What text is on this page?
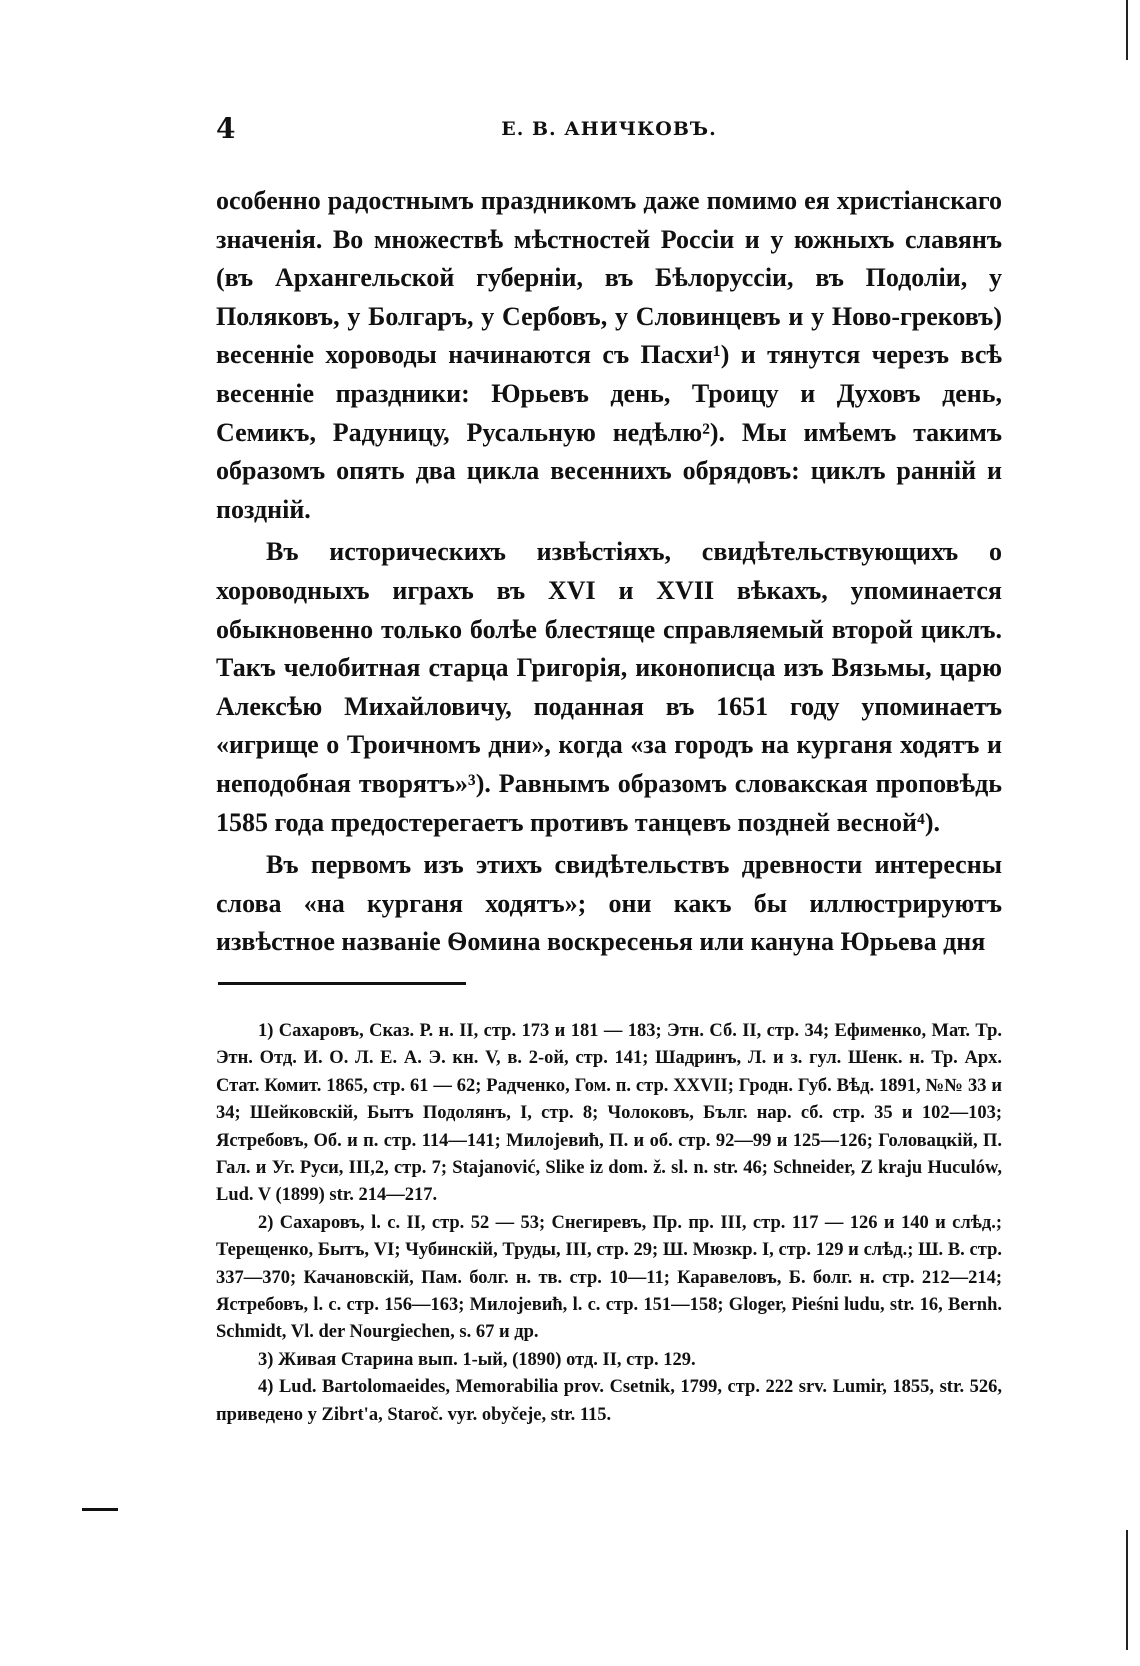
4	Е. В. АНИЧКОВЪ.

особенно радостнымъ праздникомъ даже помимо ея христіанскаго значенія. Во множествѣ мѣстностей Россіи и у южныхъ славянъ (въ Архангельской губерніи, въ Бѣлоруссіи, въ Подоліи, у Поляковъ, у Болгаръ, у Сербовъ, у Словинцевъ и у Ново-грековъ) весенніе хороводы начинаются съ Пасхи¹) и тянутся черезъ всѣ весенніе праздники: Юрьевъ день, Троицу и Духовъ день, Семикъ, Радуницу, Русальную недѣлю²). Мы имѣемъ такимъ образомъ опять два цикла весеннихъ обрядовъ: циклъ ранній и поздній.

Въ историческихъ извѣстіяхъ, свидѣтельствующихъ о хороводныхъ играхъ въ XVI и XVII вѣкахъ, упоминается обыкновенно только болѣе блестяще справляемый второй циклъ. Такъ челобитная старца Григорія, иконописца изъ Вязьмы, царю Алексѣю Михайловичу, поданная въ 1651 году упоминаетъ «игрище о Троичномъ дни», когда «за городъ на курганя ходятъ и неподобная творятъ»³). Равнымъ образомъ словакская проповѣдь 1585 года предостерегаетъ противъ танцевъ поздней весной⁴).

Въ первомъ изъ этихъ свидѣтельствъ древности интересны слова «на курганя ходятъ»; они какъ бы иллюстрируютъ извѣстное названіе Ѳомина воскресенья или кануна Юрьева дня

1) Сахаровъ, Сказ. Р. н. II, стр. 173 и 181 — 183; Этн. Сб. II, стр. 34; Ефименко, Мат. Тр. Этн. Отд. И. О. Л. Е. А. Э. кн. V, в. 2-ой, стр. 141; Шадринъ, Л. и з. гул. Шенк. н. Тр. Арх. Стат. Комит. 1865, стр. 61 — 62; Радченко, Гом. п. стр. XXVII; Гродн. Губ. Вѣд. 1891, №№ 33 и 34; Шейковскій, Бытъ Подолянъ, I, стр. 8; Чолоковъ, Бълг. нар. сб. стр. 35 и 102—103; Ястребовъ, Об. и п. стр. 114—141; Милојевић, П. и об. стр. 92—99 и 125—126; Головацкій, П. Гал. и Уг. Руси, III,2, стр. 7; Stajanović, Slike iz dom. ž. sl. n. str. 46; Schneider, Z kraju Huculów, Lud. V (1899) str. 214—217.

2) Сахаровъ, l. c. II, стр. 52 — 53; Снегиревъ, Пр. пр. III, стр. 117 — 126 и 140 и слѣд.; Терещенко, Бытъ, VI; Чубинскій, Труды, III, стр. 29; Ш. Мюзкр. I, стр. 129 и слѣд.; Ш. В. стр. 337—370; Качановскій, Пам. болг. н. тв. стр. 10—11; Каравеловъ, Б. болг. н. стр. 212—214; Ястребовъ, l. c. стр. 156—163; Милојевић, l. c. стр. 151—158; Gloger, Pieśni ludu, str. 16, Bernh. Schmidt, Vl. der Nourgiechen, s. 67 и др.

3) Живая Старина вып. 1-ый, (1890) отд. II, стр. 129.

4) Lud. Bartolomaeides, Memorabilia prov. Csetnik, 1799, стр. 222 srv. Lumir, 1855, str. 526, приведено у Zibrt'a, Staroč. vyr. obyčeje, str. 115.
